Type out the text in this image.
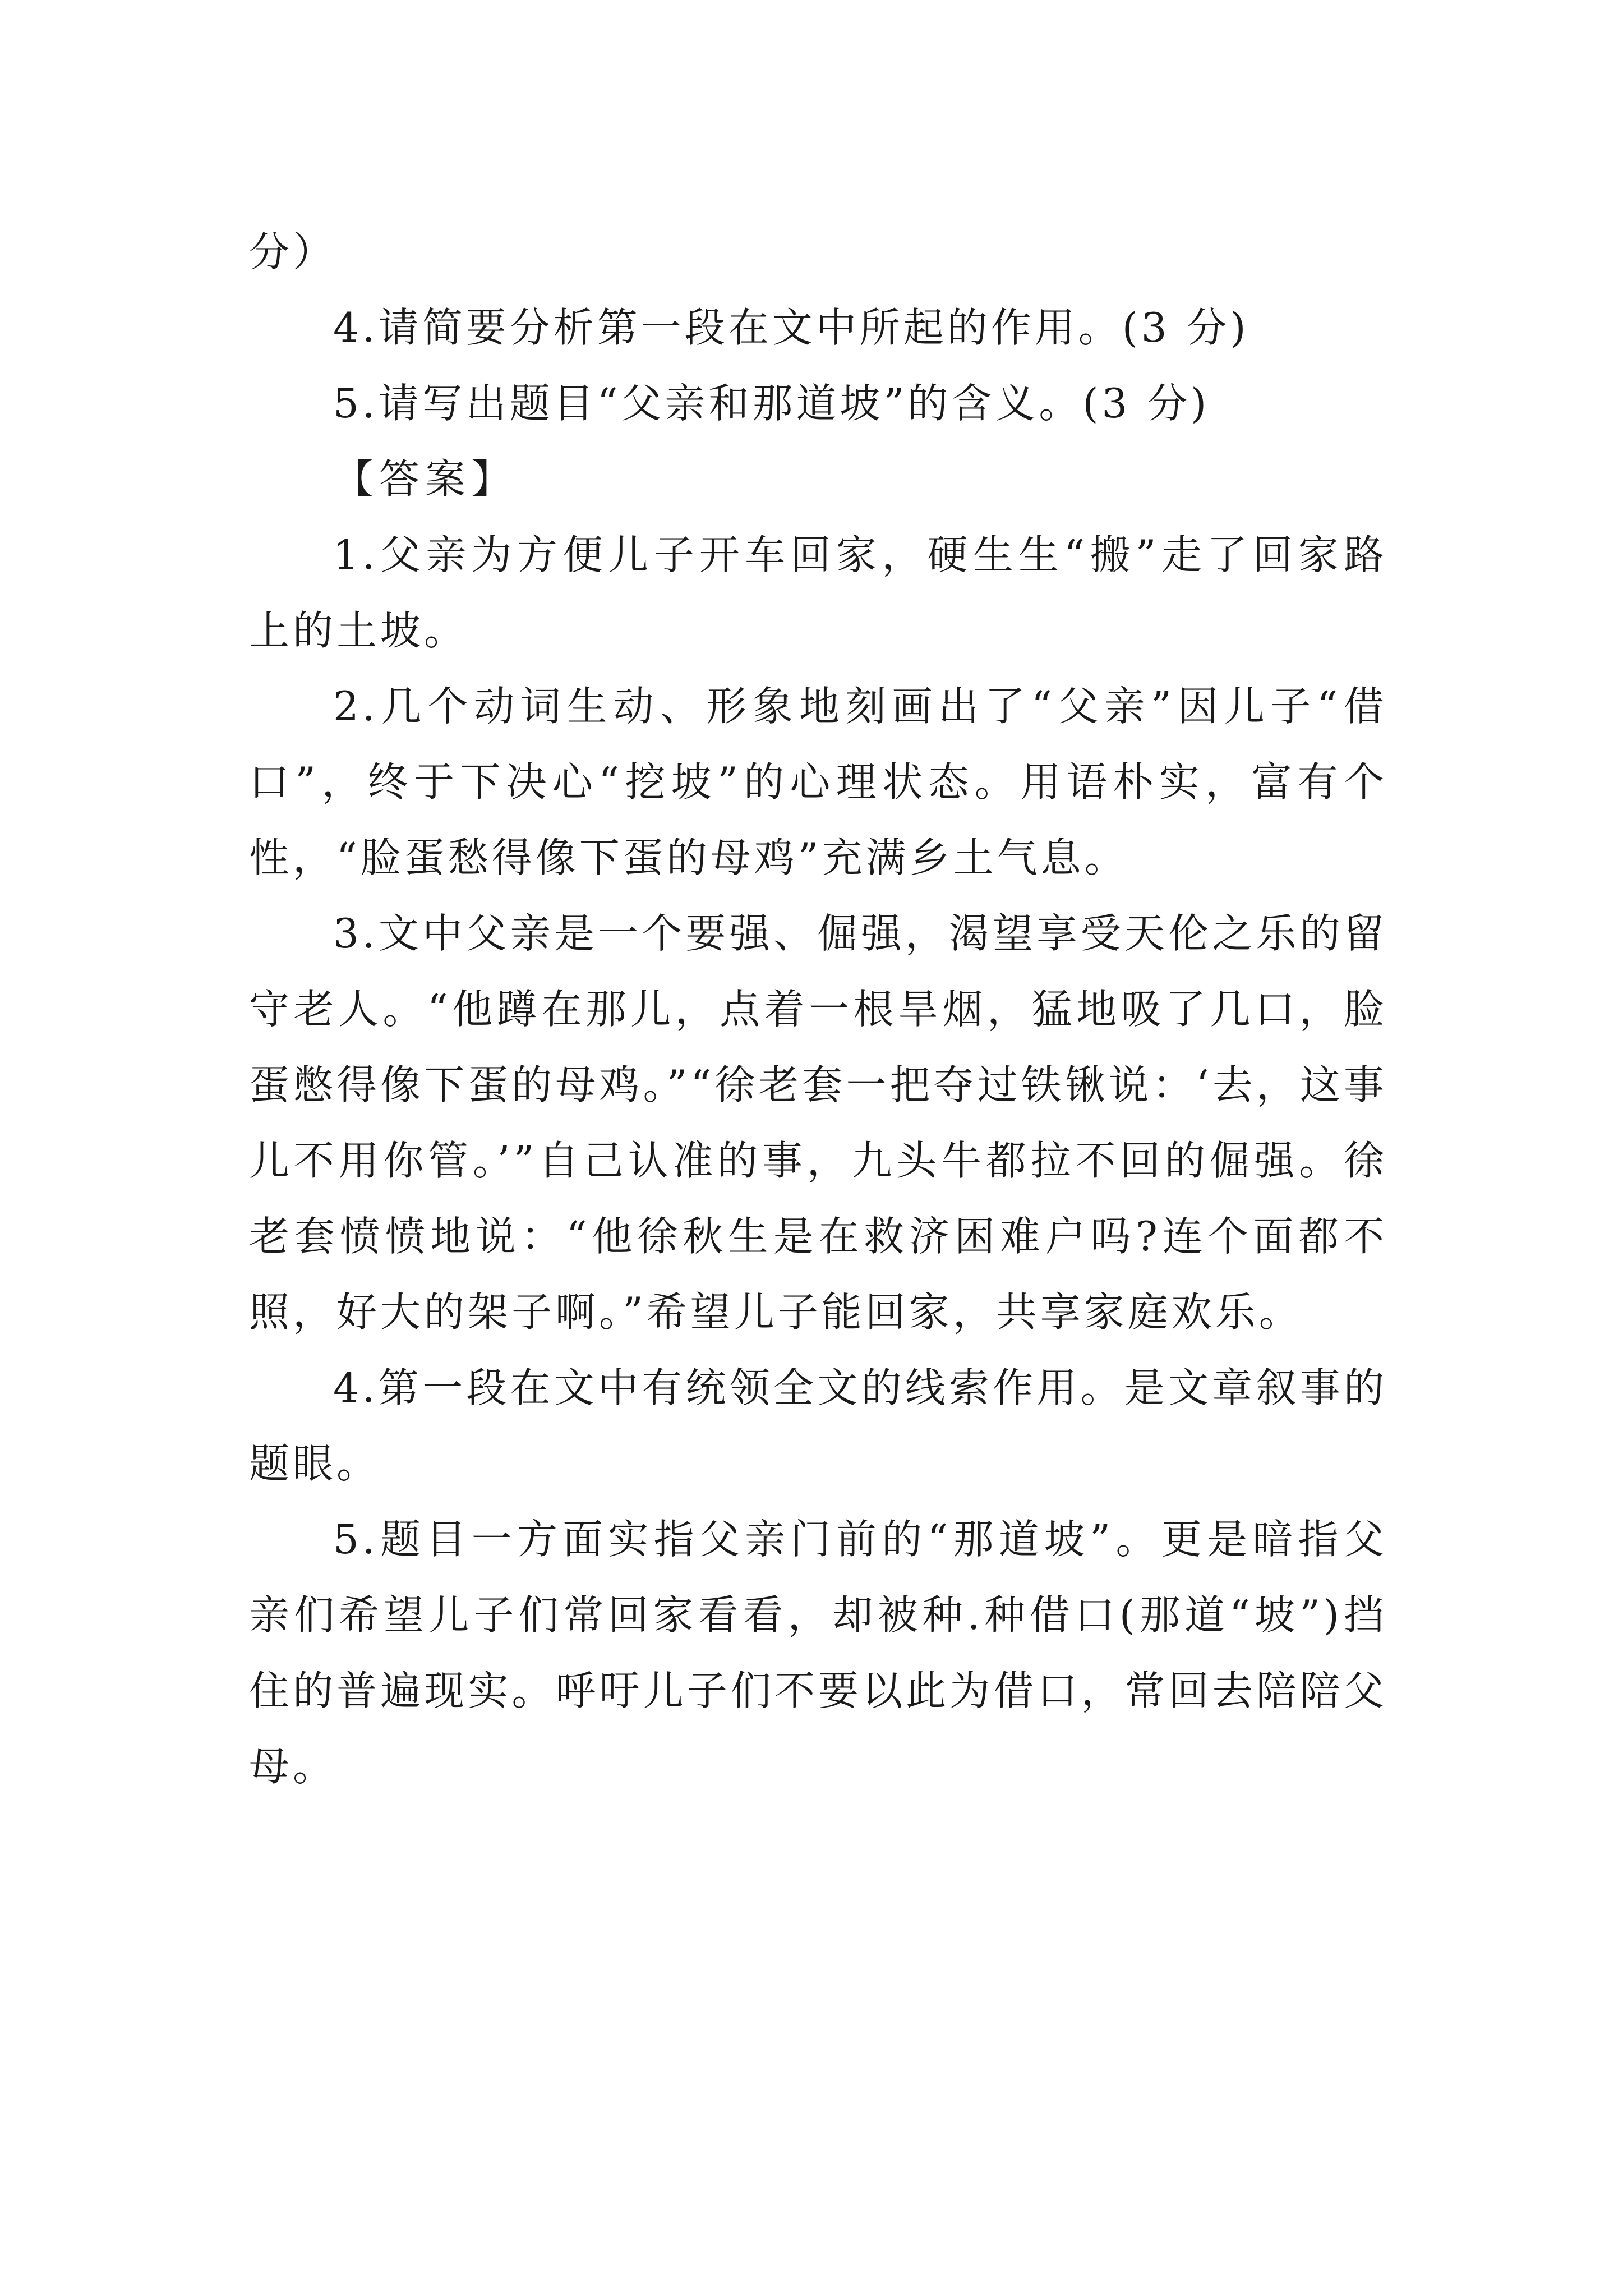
分）

4.请简要分析第一段在文中所起的作用。(3 分)

5.请写出题目“父亲和那道坡”的含义。(3 分)

【答案】

1.父亲为方便儿子开车回家，硬生生“搬”走了回家路上的土坡。

2.几个动词生动、形象地刻画出了“父亲”因儿子“借口”，终于下决心“挖坡”的心理状态。用语朴实，富有个性，“脸蛋愁得像下蛋的母鸡”充满乡土气息。

3.文中父亲是一个要强、倔强，渴望享受天伦之乐的留守老人。“他蹲在那儿，点着一根旱烟，猛地吸了几口，脸蛋憋得像下蛋的母鸡。”“徐老套一把夺过铁锹说：‘去，这事儿不用你管。’”自己认准的事，九头牛都拉不回的倔强。徐老套愤愤地说：“他徐秋生是在救济困难户吗?连个面都不照，好大的架子啊。”希望儿子能回家，共享家庭欢乐。

4.第一段在文中有统领全文的线索作用。是文章叙事的题眼。

5.题目一方面实指父亲门前的“那道坡”。更是暗指父亲们希望儿子们常回家看看，却被种.种借口(那道“坡”)挡住的普遍现实。呼吁儿子们不要以此为借口，常回去陪陪父母。
